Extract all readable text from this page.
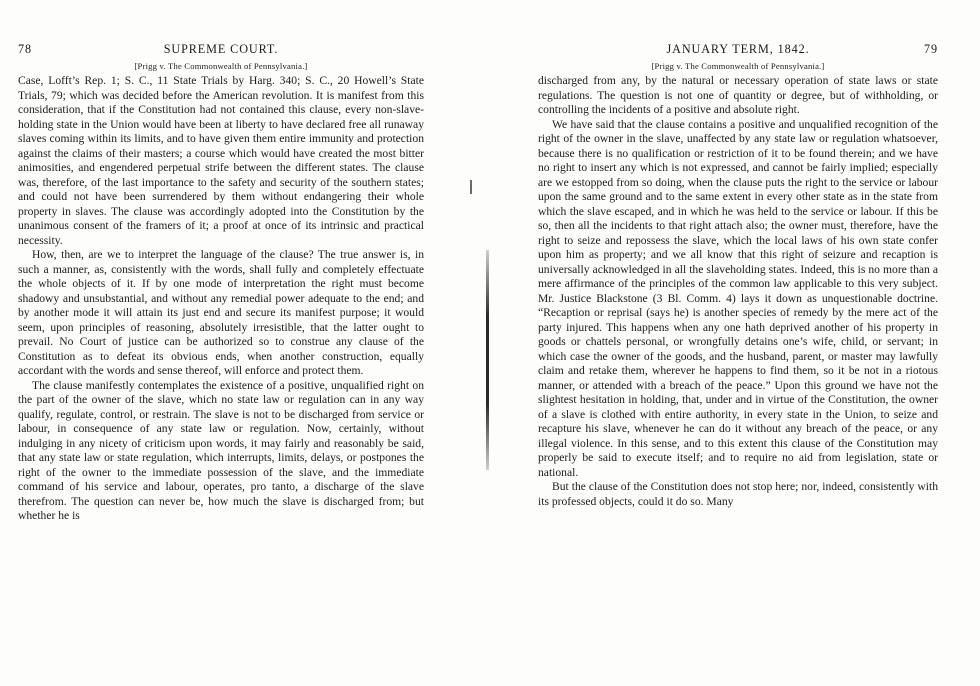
78	SUPREME COURT.
[Prigg v. The Commonwealth of Pennsylvania.]

Case, Lofft’s Rep. 1; S. C., 11 State Trials by Harg. 340; S. C., 20 Howell’s State Trials, 79; which was decided before the American revolution. It is manifest from this consideration, that if the Constitution had not contained this clause, every non-slave-holding state in the Union would have been at liberty to have declared free all runaway slaves coming within its limits, and to have given them entire immunity and protection against the claims of their masters; a course which would have created the most bitter animosities, and engendered perpetual strife between the different states. The clause was, therefore, of the last importance to the safety and security of the southern states; and could not have been surrendered by them without endangering their whole property in slaves. The clause was accordingly adopted into the Constitution by the unanimous consent of the framers of it; a proof at once of its intrinsic and practical necessity.

How, then, are we to interpret the language of the clause? The true answer is, in such a manner, as, consistently with the words, shall fully and completely effectuate the whole objects of it. If by one mode of interpretation the right must become shadowy and unsubstantial, and without any remedial power adequate to the end; and by another mode it will attain its just end and secure its manifest purpose; it would seem, upon principles of reasoning, absolutely irresistible, that the latter ought to prevail. No Court of justice can be authorized so to construe any clause of the Constitution as to defeat its obvious ends, when another construction, equally accordant with the words and sense thereof, will enforce and protect them.

The clause manifestly contemplates the existence of a positive, unqualified right on the part of the owner of the slave, which no state law or regulation can in any way qualify, regulate, control, or restrain. The slave is not to be discharged from service or labour, in consequence of any state law or regulation. Now, certainly, without indulging in any nicety of criticism upon words, it may fairly and reasonably be said, that any state law or state regulation, which interrupts, limits, delays, or postpones the right of the owner to the immediate possession of the slave, and the immediate command of his service and labour, operates, pro tanto, a discharge of the slave therefrom. The question can never be, how much the slave is discharged from; but whether he is

JANUARY TERM, 1842.	79
[Prigg v. The Commonwealth of Pennsylvania.]

discharged from any, by the natural or necessary operation of state laws or state regulations. The question is not one of quantity or degree, but of withholding, or controlling the incidents of a positive and absolute right.

We have said that the clause contains a positive and unqualified recognition of the right of the owner in the slave, unaffected by any state law or regulation whatsoever, because there is no qualification or restriction of it to be found therein; and we have no right to insert any which is not expressed, and cannot be fairly implied; especially are we estopped from so doing, when the clause puts the right to the service or labour upon the same ground and to the same extent in every other state as in the state from which the slave escaped, and in which he was held to the service or labour. If this be so, then all the incidents to that right attach also; the owner must, therefore, have the right to seize and repossess the slave, which the local laws of his own state confer upon him as property; and we all know that this right of seizure and recaption is universally acknowledged in all the slaveholding states. Indeed, this is no more than a mere affirmance of the principles of the common law applicable to this very subject. Mr. Justice Blackstone (3 Bl. Comm. 4) lays it down as unquestionable doctrine. “Recaption or reprisal (says he) is another species of remedy by the mere act of the party injured. This happens when any one hath deprived another of his property in goods or chattels personal, or wrongfully detains one’s wife, child, or servant; in which case the owner of the goods, and the husband, parent, or master may lawfully claim and retake them, wherever he happens to find them, so it be not in a riotous manner, or attended with a breach of the peace.” Upon this ground we have not the slightest hesitation in holding, that, under and in virtue of the Constitution, the owner of a slave is clothed with entire authority, in every state in the Union, to seize and recapture his slave, whenever he can do it without any breach of the peace, or any illegal violence. In this sense, and to this extent this clause of the Constitution may properly be said to execute itself; and to require no aid from legislation, state or national.

But the clause of the Constitution does not stop here; nor, indeed, consistently with its professed objects, could it do so. Many
